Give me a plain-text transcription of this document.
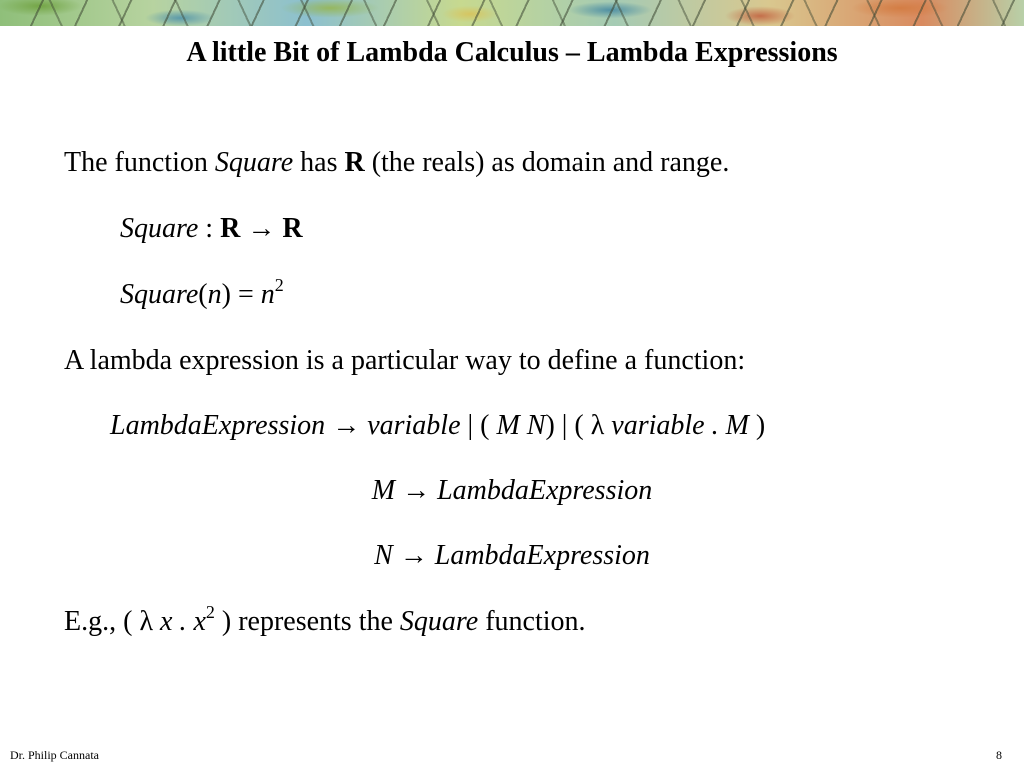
A little Bit of Lambda Calculus – Lambda Expressions
The function Square has R (the reals) as domain and range.
Square : R → R
Square(n) = $n^2$
A lambda expression is a particular way to define a function:
LambdaExpression → variable | ( M N) | ( λ variable . M )
M → LambdaExpression
N → LambdaExpression
E.g., ( λ x . $x^2$ ) represents the Square function.
Dr. Philip Cannata	8
